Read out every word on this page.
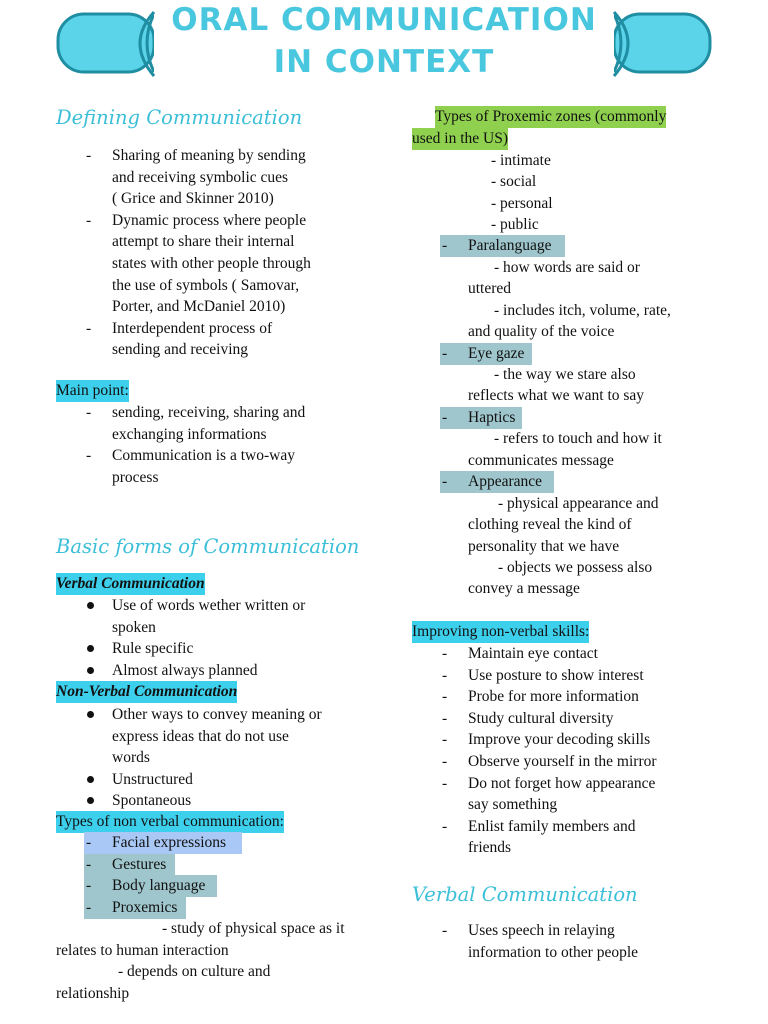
ORAL COMMUNICATION
IN CONTEXT
Defining Communication
- Sharing of meaning by sending
and receiving symbolic cues
( Grice and Skinner 2010)
- Dynamic process where people
attempt to share their internal
states with other people through
the use of symbols ( Samovar,
Porter, and McDaniel 2010)
- Interdependent process of
sending and receiving
Main point:
- sending, receiving, sharing and
exchanging informations
- Communication is a two-way
process
Basic forms of Communication
Verbal Communication
Use of words wether written or
spoken
Rule specific
Almost always planned
Non-Verbal Communication
Other ways to convey meaning or
express ideas that do not use
words
Unstructured
Spontaneous
Types of non verbal communication:

- Facial expressions

- Gestures

- Body language

- Proxemics
- study of physical space as it
relates to human interaction
- depends on culture and
relationship
Types of Proxemic zones (commonly
used in the US)
- intimate
- social
- personal
- public

- Paralanguage
- how words are said or
uttered
- includes itch, volume, rate,
and quality of the voice

- Eye gaze
- the way we stare also
reflects what we want to say

- Haptics
- refers to touch and how it
communicates message

- Appearance
- physical appearance and
clothing reveal the kind of
personality that we have
- objects we possess also
convey a message
Improving non-verbal skills:
- Maintain eye contact
- Use posture to show interest
- Probe for more information
- Study cultural diversity
- Improve your decoding skills
- Observe yourself in the mirror
- Do not forget how appearance
say something
- Enlist family members and
friends
Verbal Communication
- Uses speech in relaying
information to other people
